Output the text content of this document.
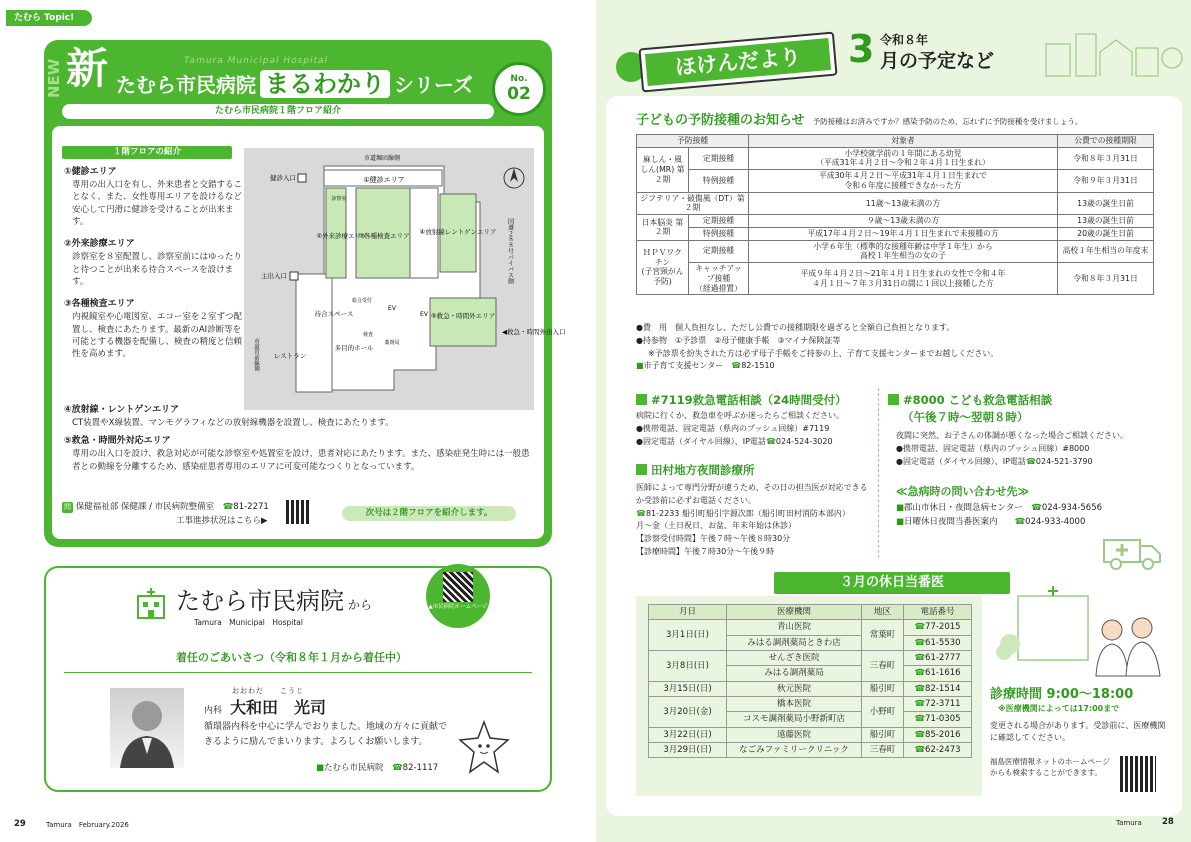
たむら Topic!
NEW 新	Tamura Municipal Hospital
たむら市民病院 まるわかり シリーズ	No.
02
たむら市民病院１階フロア紹介
１階フロアの紹介
①健診エリア
専用の出入口を有し、外来患者と交錯することなく、また、女性専用エリアを設けるなど安心して円滑に健診を受けることが出来ます。
②外来診療エリア
診察室を８室配置し、診察室前にはゆったりと待つことが出来る待合スペースを設けます。
③各種検査エリア
内視鏡室や心電図室、エコー室を２室ずつ配置し、検査にあたります。最新のAI診断等を可能とする機器を配備し、検査の精度と信頼性を高めます。
④放射線・レントゲンエリア
CT装置やX線装置、マンモグラフィなどの放射線機器を設置し、検査にあたります。
⑤救急・時間外対応エリア
専用の出入口を設け、救急対応が可能な診察室や処置室を設け、患者対応にあたります。また、感染症発生時には一般患者との動線を分離するため、感染症患者専用のエリアに可変可能なつくりとなっています。
市道堀田線側
①健診エリア
②外来診療エリア
③各種検査エリア ④放射線レントゲンエリア
診察室
⑤救急・時間外エリア
健診入口
主出入口
待合スペース
多目的ホール
レストラン
総合受付
EV
EV
検査
薬剤局
◀救急・時間外出入口
国道２８８号バイパス側
市道宮前線側
問 保健福祉部 保健課 / 市民病院整備室　 ☎81-2271
工事進捗状況はこちら▶
次号は２階フロアを紹介します。
たむら市民病院 から
Tamura　Municipal　Hospital
▲市民病院ホームページ
着任のごあいさつ（令和８年１月から着任中）
おおわだ　　こうじ
内科 大和田　光司
循環器内科を中心に学んでおりました。地域の方々に貢献できるように励んでまいります。よろしくお願いします。
■たむら市民病院　 ☎82-1117
29	Tamura　February.2026
ほけんだより	3 令和８年
月の予定など
子どもの予防接種のお知らせ 予防接種はお済みですか？感染予防のため、忘れずに予防接種を受けましょう。
予防接種		対象者	公費での接種期限
麻しん・風しん(MR) 第２期	定期接種	小学校就学前の１年間にある幼児
（平成31年４月２日～令和２年４月１日生まれ）	令和８年３月31日
	特例接種	平成30年４月２日～平成31年４月１日生まれで
令和６年度に接種できなかった方	令和９年３月31日
ジフテリア・破傷風（DT）第２期		11歳～13歳未満の方	13歳の誕生日前
日本脳炎 第２期	定期接種	９歳～13歳未満の方	13歳の誕生日前
	特例接種	平成17年４月２日～19年４月１日生まれで未接種の方	20歳の誕生日前
ＨＰＶワクチン
(子宮頸がん予防)	定期接種	小学６年生（標準的な接種年齢は中学１年生）から
高校１年生相当の女の子	高校１年生相当の年度末
	キャッチアップ接種
（経過措置）	平成９年４月２日～21年４月１日生まれの女性で令和４年
４月１日～７年３月31日の間に１回以上接種した方	令和８年３月31日
●費　用　個人負担なし、ただし公費での接種期限を過ぎると全額自己負担となります。
●持参物　①予診票　②母子健康手帳　③マイナ保険証等
※予診票を紛失された方は必ず母子手帳をご持参の上、子育て支援センターまでお越しください。
■市子育て支援センター　 ☎82-1510
#7119救急電話相談（24時間受付）
病院に行くか、救急車を呼ぶか迷ったらご相談ください。
●携帯電話、固定電話（県内のプッシュ回線）#7119
●固定電話（ダイヤル回線）、IP電話☎024-524-3020
田村地方夜間診療所
医師によって専門分野が違うため、その日の担当医が対応できるか受診前に必ずお電話ください。
☎81-2233 船引町船引字源次郎（船引町田村消防本部内）
月～金（土日祝日、お盆、年末年始は休診）
【診察受付時間】午後７時～午後８時30分
【診療時間】午後７時30分～午後９時
#8000 こども救急電話相談
（午後７時～翌朝８時）
夜間に突然、お子さんの体調が悪くなった場合ご相談ください。
●携帯電話、固定電話（県内のプッシュ回線）#8000
●固定電話（ダイヤル回線）、IP電話☎024-521-3790
≪急病時の問い合わせ先≫
■郡山市休日・夜間急病センター　 ☎024-934-5656
■日曜休日夜間当番医案内　　 ☎024-933-4000
３月の休日当番医
月日	医療機関	地区	電話番号
3月1日(日)	青山医院	常葉町	☎77-2015
	みはる調剤薬局ときわ店		☎61-5530
3月8日(日)	せんざき医院	三春町	☎61-2777
	みはる調剤薬局		☎61-1616
3月15日(日)	秋元医院	船引町	☎82-1514
3月20日(金)	橋本医院	小野町	☎72-3711
	コスモ調剤薬局小野新町店		☎71-0305
3月22日(日)	遠藤医院	船引町	☎85-2016
3月29日(日)	なごみファミリークリニック	三春町	☎62-2473
診療時間 9:00～18:00
※医療機関によっては17:00まで
変更される場合があります。受診前に、医療機関に確認してください。
福島医療情報ネットのホームページからも検索することができます。
Tamura 28
